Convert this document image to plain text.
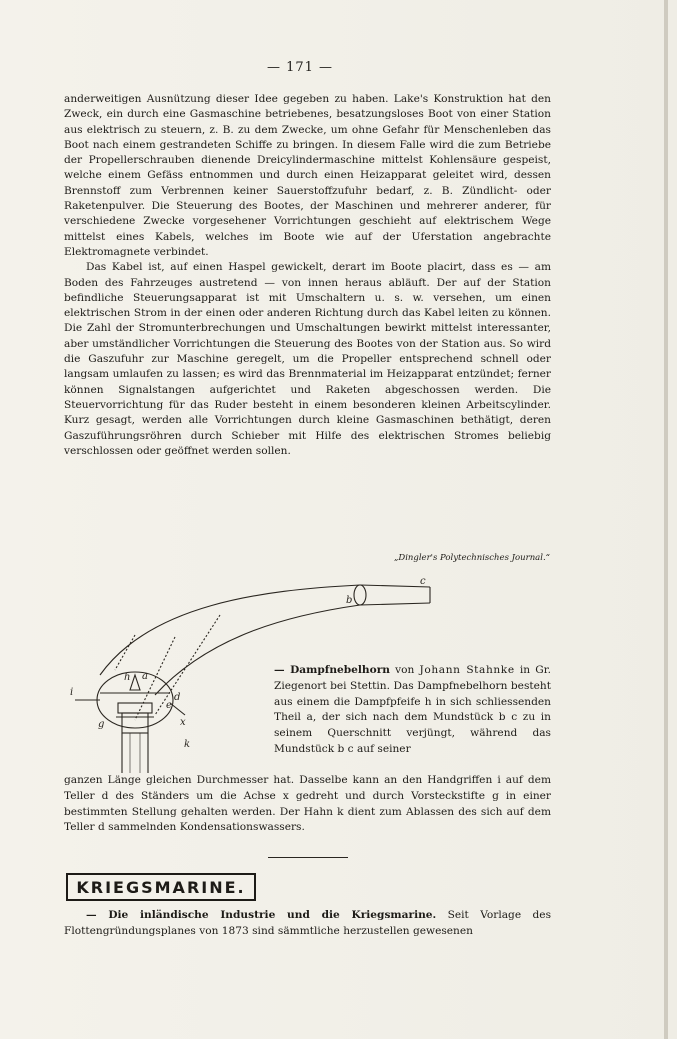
— 171 —

anderweitigen Ausnützung dieser Idee gegeben zu haben. Lake's Konstruktion hat den Zweck, ein durch eine Gasmaschine betriebenes, besatzungsloses Boot von einer Station aus elektrisch zu steuern, z. B. zu dem Zwecke, um ohne Gefahr für Menschenleben das Boot nach einem gestrandeten Schiffe zu bringen. In diesem Falle wird die zum Betriebe der Propellerschrauben dienende Dreicylindermaschine mittelst Kohlensäure gespeist, welche einem Gefäss entnommen und durch einen Heizapparat geleitet wird, dessen Brennstoff zum Verbrennen keiner Sauerstoffzufuhr bedarf, z. B. Zündlicht- oder Raketenpulver. Die Steuerung des Bootes, der Maschinen und mehrerer anderer, für verschiedene Zwecke vorgesehener Vorrichtungen geschieht auf elektrischem Wege mittelst eines Kabels, welches im Boote wie auf der Uferstation angebrachte Elektromagnete verbindet.

Das Kabel ist, auf einen Haspel gewickelt, derart im Boote placirt, dass es — am Boden des Fahrzeuges austretend — von innen heraus abläuft. Der auf der Station befindliche Steuerungsapparat ist mit Umschaltern u. s. w. versehen, um einen elektrischen Strom in der einen oder anderen Richtung durch das Kabel leiten zu können. Die Zahl der Stromunterbrechungen und Umschaltungen bewirkt mittelst interessanter, aber umständlicher Vorrichtungen die Steuerung des Bootes von der Station aus. So wird die Gaszufuhr zur Maschine geregelt, um die Propeller entsprechend schnell oder langsam umlaufen zu lassen; es wird das Brennmaterial im Heizapparat entzündet; ferner können Signalstangen aufgerichtet und Raketen abgeschossen werden. Die Steuervorrichtung für das Ruder besteht in einem besonderen kleinen Arbeitscylinder. Kurz gesagt, werden alle Vorrichtungen durch kleine Gasmaschinen bethätigt, deren Gaszuführungsröhren durch Schieber mit Hilfe des elektrischen Stromes beliebig verschlossen oder geöffnet werden sollen.

„Dingler's Polytechnisches Journal.“
a
b
c
d
e
g
i
h
k
x
— Dampfnebelhorn von Johann Stahnke in Gr. Ziegenort bei Stettin. Das Dampfnebelhorn besteht aus einem die Dampfpfeife h in sich schliessenden Theil a, der sich nach dem Mundstück b c zu in seinem Querschnitt verjüngt, während das Mundstück b c auf seiner
ganzen Länge gleichen Durchmesser hat. Dasselbe kann an den Handgriffen i auf dem Teller d des Ständers um die Achse x gedreht und durch Vorsteckstifte g in einer bestimmten Stellung gehalten werden. Der Hahn k dient zum Ablassen des sich auf dem Teller d sammelnden Kondensationswassers.
KRIEGSMARINE.
— Die inländische Industrie und die Kriegsmarine. Seit Vorlage des Flottengründungsplanes von 1873 sind sämmtliche herzustellen gewesenen
